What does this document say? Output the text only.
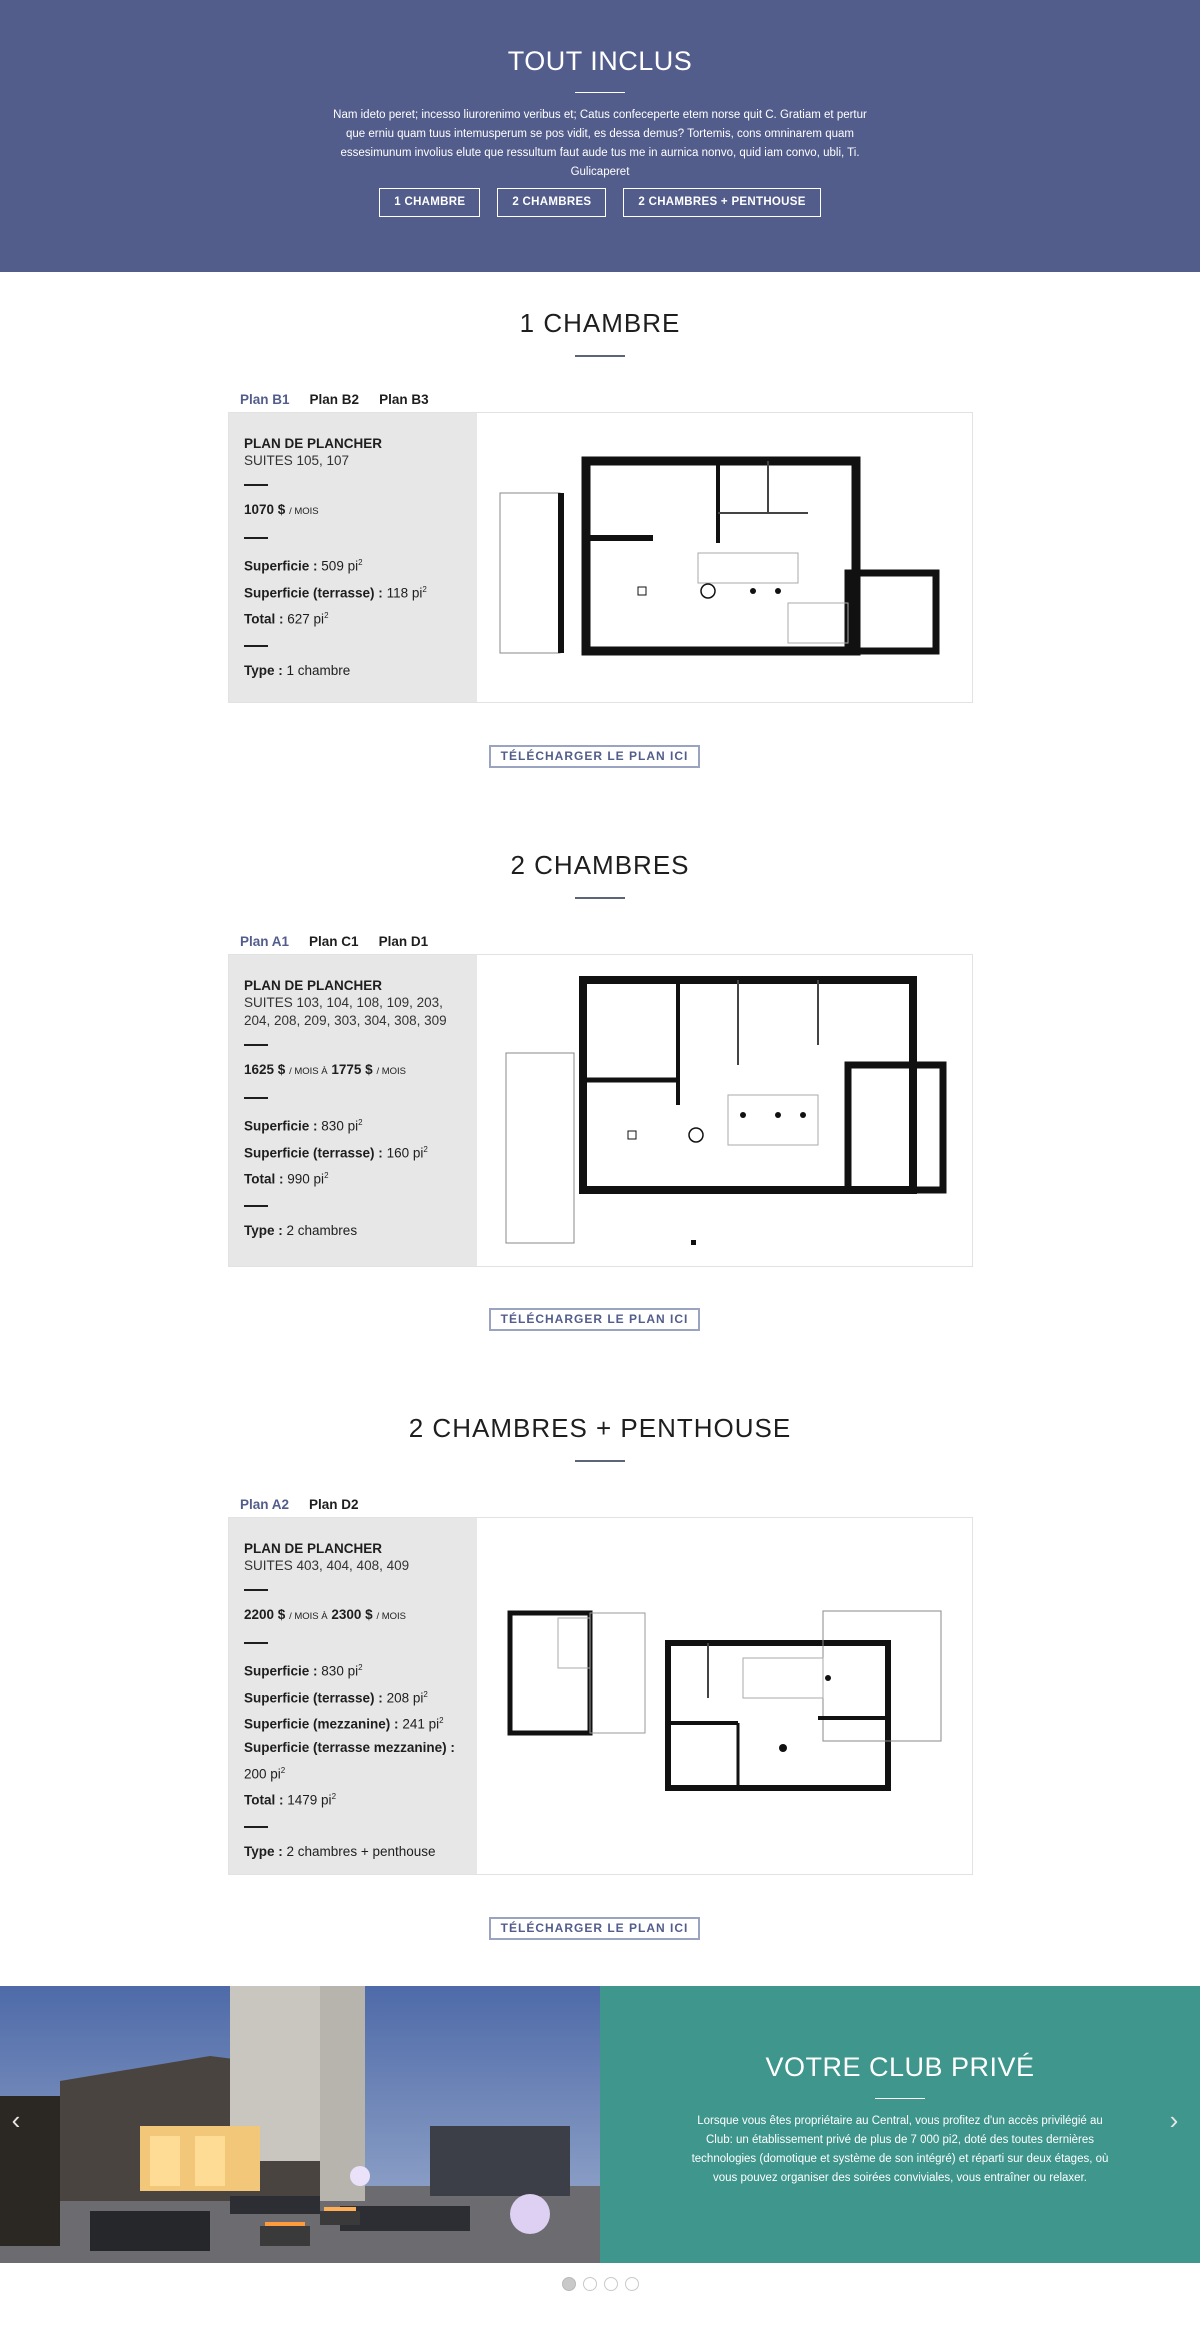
TOUT INCLUS

Nam ideto peret; incesso liurorenimo veribus et; Catus confeceperte etem norse quit C. Gratiam et pertur que erniu quam tuus intemusperum se pos vidit, es dessa demus? Tortemis, cons omninarem quam essesimunum involius elute que ressultum faut aude tus me in aurnica nonvo, quid iam convo, ubli, Ti. Gulicaperet

1 CHAMBRE	2 CHAMBRES	2 CHAMBRES + PENTHOUSE
1 CHAMBRE
Plan B1 Plan B2 Plan B3
PLAN DE PLANCHER
SUITES 105, 107
1070 $ / MOIS
Superficie : 509 $pi^2$
Superficie (terrasse) : 118 $pi^2$
Total : 627 $pi^2$
Type : 1 chambre
TÉLÉCHARGER LE PLAN ICI
2 CHAMBRES
Plan A1 Plan C1 Plan D1
PLAN DE PLANCHER
SUITES 103, 104, 108, 109, 203, 204, 208, 209, 303, 304, 308, 309
1625 $ / MOIS À 1775 $ / MOIS
Superficie : 830 $pi^2$
Superficie (terrasse) : 160 $pi^2$
Total : 990 $pi^2$
Type : 2 chambres
TÉLÉCHARGER LE PLAN ICI
2 CHAMBRES + PENTHOUSE
Plan A2 Plan D2
PLAN DE PLANCHER
SUITES 403, 404, 408, 409
2200 $ / MOIS À 2300 $ / MOIS
Superficie : 830 $pi^2$
Superficie (terrasse) : 208 $pi^2$
Superficie (mezzanine) : 241 $pi^2$
Superficie (terrasse mezzanine) : 200 $pi^2$
Total : 1479 $pi^2$
Type : 2 chambres + penthouse
TÉLÉCHARGER LE PLAN ICI
VOTRE CLUB PRIVÉ

Lorsque vous êtes propriétaire au Central, vous profitez d'un accès privilégié au Club: un établissement privé de plus de 7 000 pi2, doté des toutes dernières technologies (domotique et système de son intégré) et réparti sur deux étages, où vous pouvez organiser des soirées conviviales, vous entraîner ou relaxer.

‹	›
